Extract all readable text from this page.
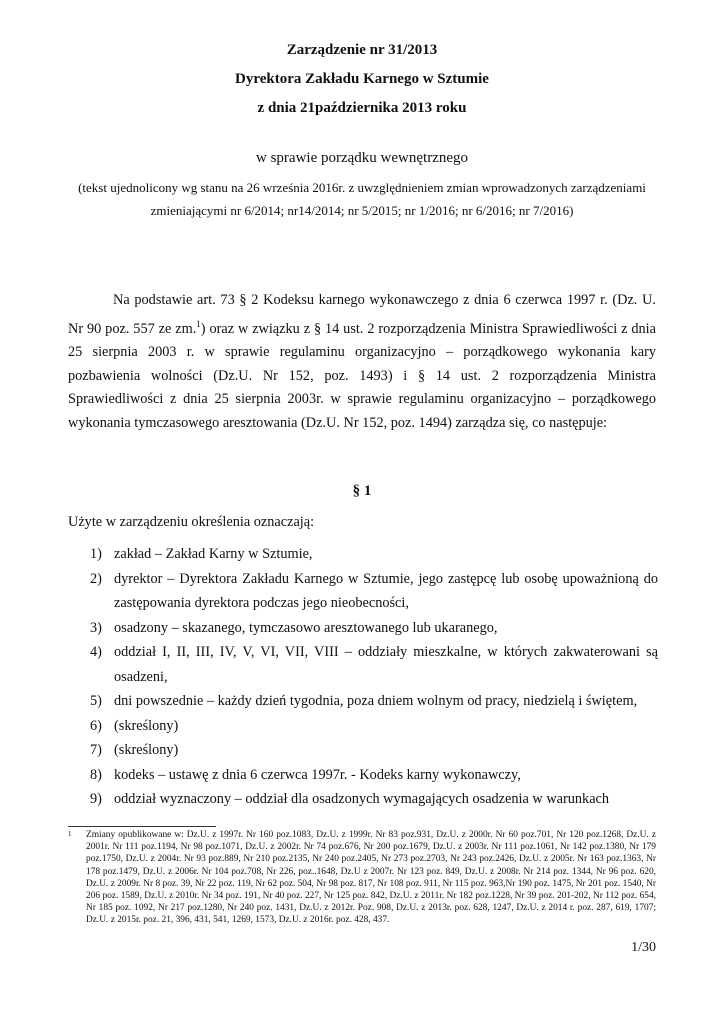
Zarządzenie nr 31/2013
Dyrektora Zakładu Karnego w Sztumie
z dnia 21października 2013 roku
w sprawie porządku wewnętrznego
(tekst ujednolicony wg stanu na 26 września 2016r. z uwzględnieniem zmian wprowadzonych zarządzeniami
zmieniającymi nr 6/2014; nr14/2014; nr 5/2015; nr 1/2016; nr 6/2016; nr 7/2016)

Na podstawie art. 73 § 2 Kodeksu karnego wykonawczego z dnia 6 czerwca 1997 r. (Dz. U. Nr 90 poz. 557 ze zm.$^1$) oraz w związku z § 14 ust. 2 rozporządzenia Ministra Sprawiedliwości z dnia 25 sierpnia 2003 r. w sprawie regulaminu organizacyjno – porządkowego wykonania kary pozbawienia wolności (Dz.U. Nr 152, poz. 1493) i § 14 ust. 2 rozporządzenia Ministra Sprawiedliwości z dnia 25 sierpnia 2003r. w sprawie regulaminu organizacyjno – porządkowego wykonania tymczasowego aresztowania (Dz.U. Nr 152, poz. 1494) zarządza się, co następuje:

§ 1
Użyte w zarządzeniu określenia oznaczają:
1) zakład – Zakład Karny w Sztumie,
2) dyrektor – Dyrektora Zakładu Karnego w Sztumie, jego zastępcę lub osobę upoważnioną do zastępowania dyrektora podczas jego nieobecności,
3) osadzony – skazanego, tymczasowo aresztowanego lub ukaranego,
4) oddział I, II, III, IV, V, VI, VII, VIII – oddziały mieszkalne, w których zakwaterowani są osadzeni,
5) dni powszednie – każdy dzień tygodnia, poza dniem wolnym od pracy, niedzielą i świętem,
6) (skreślony)
7) (skreślony)
8) kodeks – ustawę z dnia 6 czerwca 1997r. - Kodeks karny wykonawczy,
9) oddział wyznaczony – oddział dla osadzonych wymagających osadzenia w warunkach
1 Zmiany opublikowane w: Dz.U. z 1997r. Nr 160 poz.1083, Dz.U. z 1999r. Nr 83 poz.931, Dz.U. z 2000r. Nr 60 poz.701, Nr 120 poz.1268, Dz.U. z 2001r. Nr 111 poz.1194, Nr 98 poz.1071, Dz.U. z 2002r. Nr 74 poz.676, Nr 200 poz.1679, Dz.U. z 2003r. Nr 111 poz.1061, Nr 142 poz.1380, Nr 179 poz.1750, Dz.U. z 2004r. Nr 93 poz.889, Nr 210 poz.2135, Nr 240 poz.2405, Nr 273 poz.2703, Nr 243 poz.2426, Dz.U. z 2005r. Nr 163 poz.1363, Nr 178 poz.1479, Dz.U. z 2006r. Nr 104 poz.708, Nr 226, poz..1648, Dz.U z 2007r. Nr 123 poz. 849, Dz.U. z 2008r. Nr 214 poz. 1344, Nr 96 poz. 620, Dz.U. z 2009r. Nr 8 poz. 39, Nr 22 poz. 119, Nr 62 poz. 504, Nr 98 poz. 817, Nr 108 poz. 911, Nr 115 poz. 963,Nr 190 poz. 1475, Nr 201 poz. 1540, Nr 206 poz. 1589, Dz.U. z 2010r. Nr 34 poz. 191, Nr 40 poz. 227, Nr 125 poz. 842, Dz.U. z 2011r. Nr 182 poz.1228, Nr 39 poz. 201-202, Nr 112 poz. 654, Nr 185 poz. 1092, Nr 217 poz.1280, Nr 240 poz. 1431, Dz.U. z 2012r. Poz. 908, Dz.U. z 2013r. poz. 628, 1247, Dz.U. z 2014 r. poz. 287, 619, 1707; Dz.U. z 2015r. poz. 21, 396, 431, 541, 1269, 1573, Dz.U. z 2016r. poz. 428, 437.
1/30
